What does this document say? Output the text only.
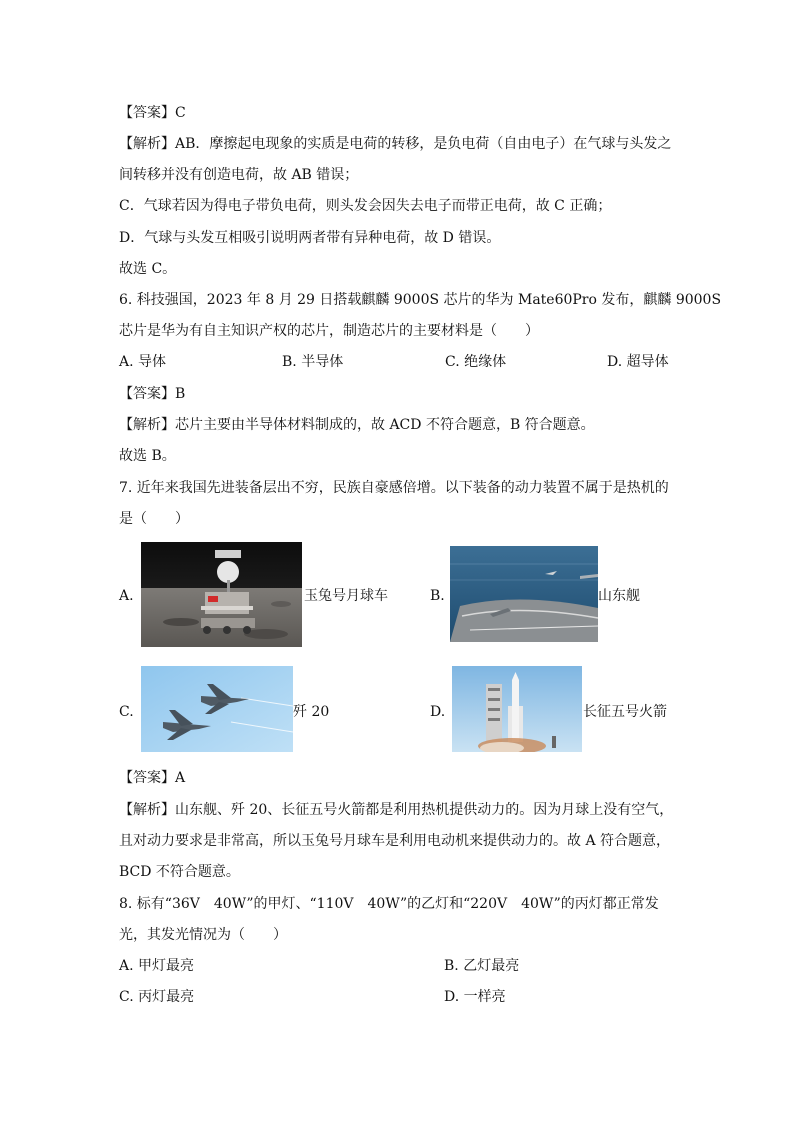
【答案】C
【解析】AB．摩擦起电现象的实质是电荷的转移，是负电荷（自由电子）在气球与头发之
间转移并没有创造电荷，故 AB 错误；
C．气球若因为得电子带负电荷，则头发会因失去电子而带正电荷，故 C 正确；
D．气球与头发互相吸引说明两者带有异种电荷，故 D 错误。
故选 C。
6. 科技强国，2023 年 8 月 29 日搭载麒麟 9000S 芯片的华为 Mate60Pro 发布，麒麟 9000S
芯片是华为有自主知识产权的芯片，制造芯片的主要材料是（　　）
A. 导体	B. 半导体	C. 绝缘体	D. 超导体
【答案】B
【解析】芯片主要由半导体材料制成的，故 ACD 不符合题意，B 符合题意。
故选 B。
7. 近年来我国先进装备层出不穷，民族自豪感倍增。以下装备的动力装置不属于是热机的
是（　　）
A.	玉兔号月球车	B.	山东舰
C.	歼 20	D.	长征五号火箭
【答案】A
【解析】山东舰、歼 20、长征五号火箭都是利用热机提供动力的。因为月球上没有空气，
且对动力要求是非常高，所以玉兔号月球车是利用电动机来提供动力的。故 A 符合题意，
BCD 不符合题意。
8. 标有“36V　40W”的甲灯、“110V　40W”的乙灯和“220V　40W”的丙灯都正常发
光，其发光情况为（　　）
A. 甲灯最亮	B. 乙灯最亮
C. 丙灯最亮	D. 一样亮
